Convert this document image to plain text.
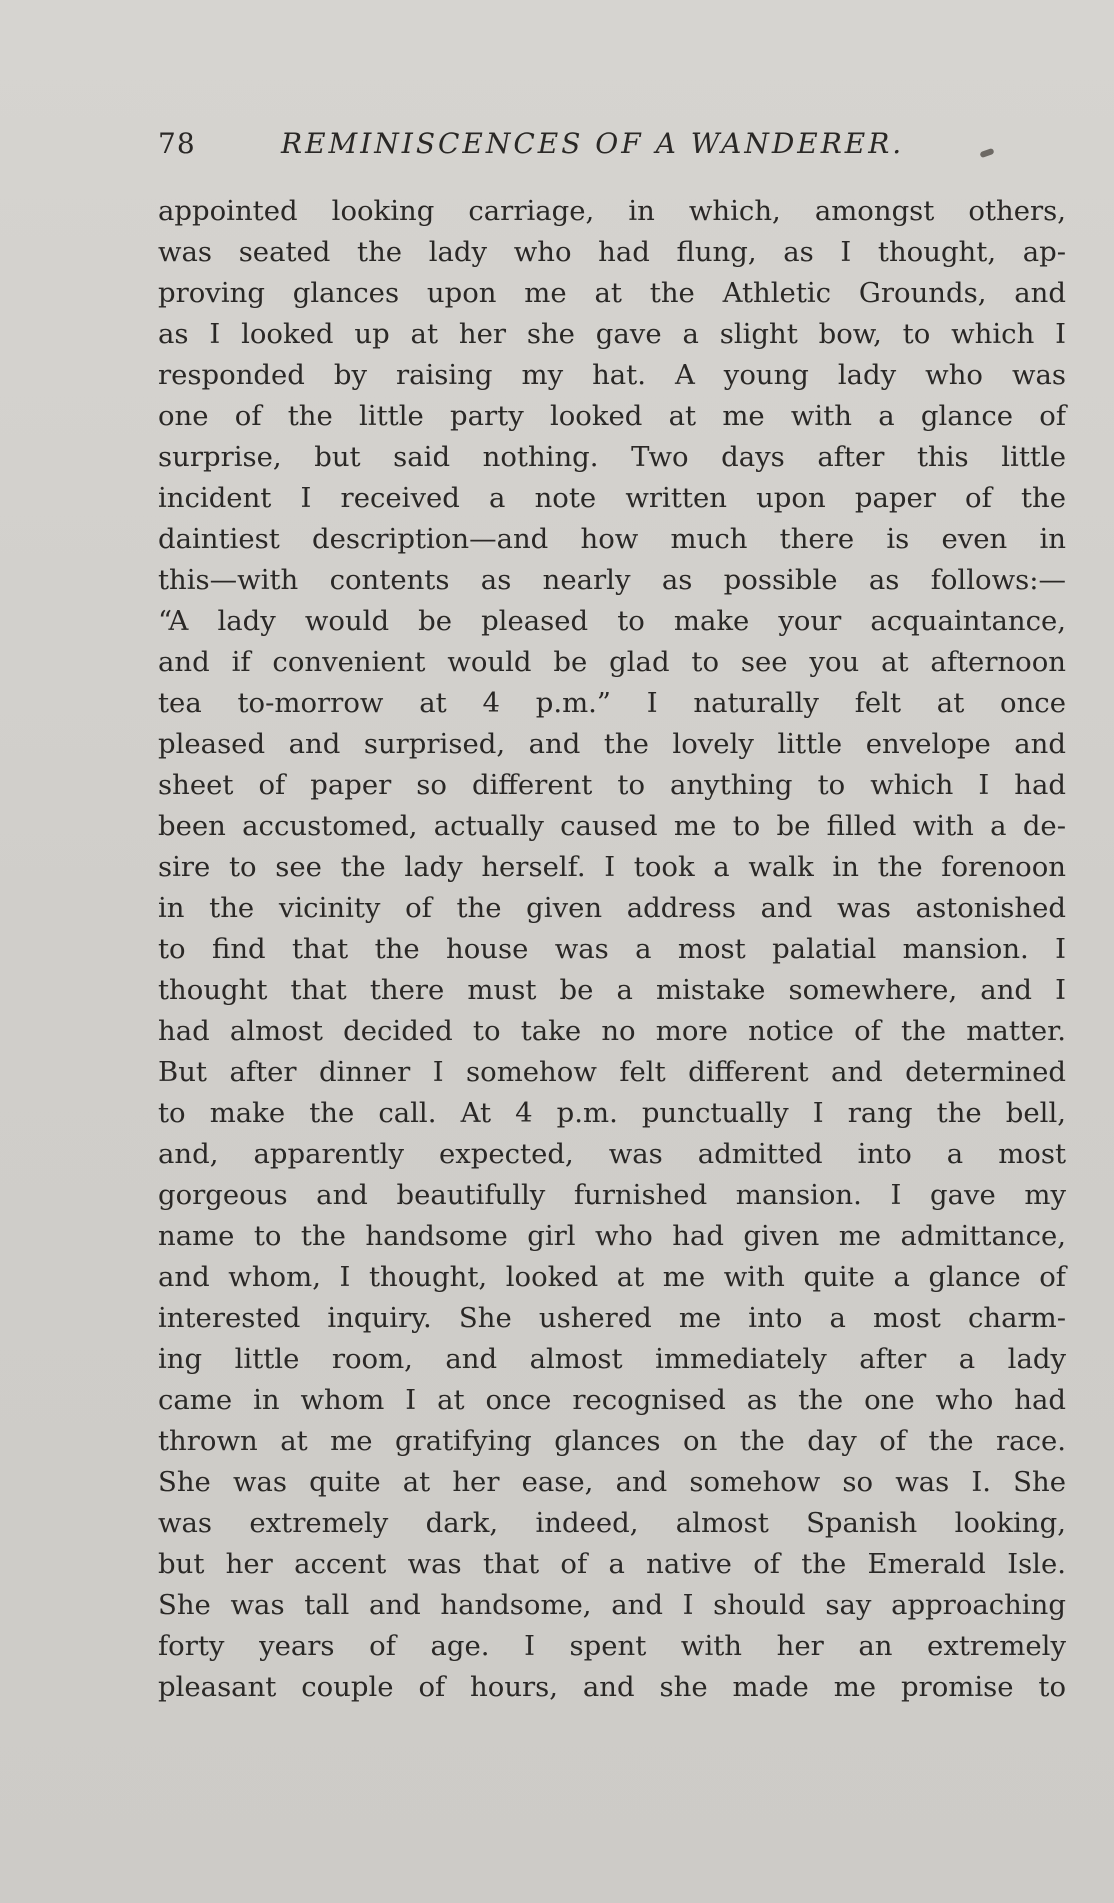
78	REMINISCENCES OF A WANDERER.
appointed looking carriage, in which, amongst others,
was seated the lady who had flung, as I thought, ap-
proving glances upon me at the Athletic Grounds, and
as I looked up at her she gave a slight bow, to which I
responded by raising my hat. A young lady who was
one of the little party looked at me with a glance of
surprise, but said nothing. Two days after this little
incident I received a note written upon paper of the
daintiest description—and how much there is even in
this—with contents as nearly as possible as follows:—
“A lady would be pleased to make your acquaintance,
and if convenient would be glad to see you at afternoon
tea to-morrow at 4 p.m.” I naturally felt at once
pleased and surprised, and the lovely little envelope and
sheet of paper so different to anything to which I had
been accustomed, actually caused me to be filled with a de-
sire to see the lady herself. I took a walk in the forenoon
in the vicinity of the given address and was astonished
to find that the house was a most palatial mansion. I
thought that there must be a mistake somewhere, and I
had almost decided to take no more notice of the matter.
But after dinner I somehow felt different and determined
to make the call. At 4 p.m. punctually I rang the bell,
and, apparently expected, was admitted into a most
gorgeous and beautifully furnished mansion. I gave my
name to the handsome girl who had given me admittance,
and whom, I thought, looked at me with quite a glance of
interested inquiry. She ushered me into a most charm-
ing little room, and almost immediately after a lady
came in whom I at once recognised as the one who had
thrown at me gratifying glances on the day of the race.
She was quite at her ease, and somehow so was I. She
was extremely dark, indeed, almost Spanish looking,
but her accent was that of a native of the Emerald Isle.
She was tall and handsome, and I should say approaching
forty years of age. I spent with her an extremely
pleasant couple of hours, and she made me promise to
